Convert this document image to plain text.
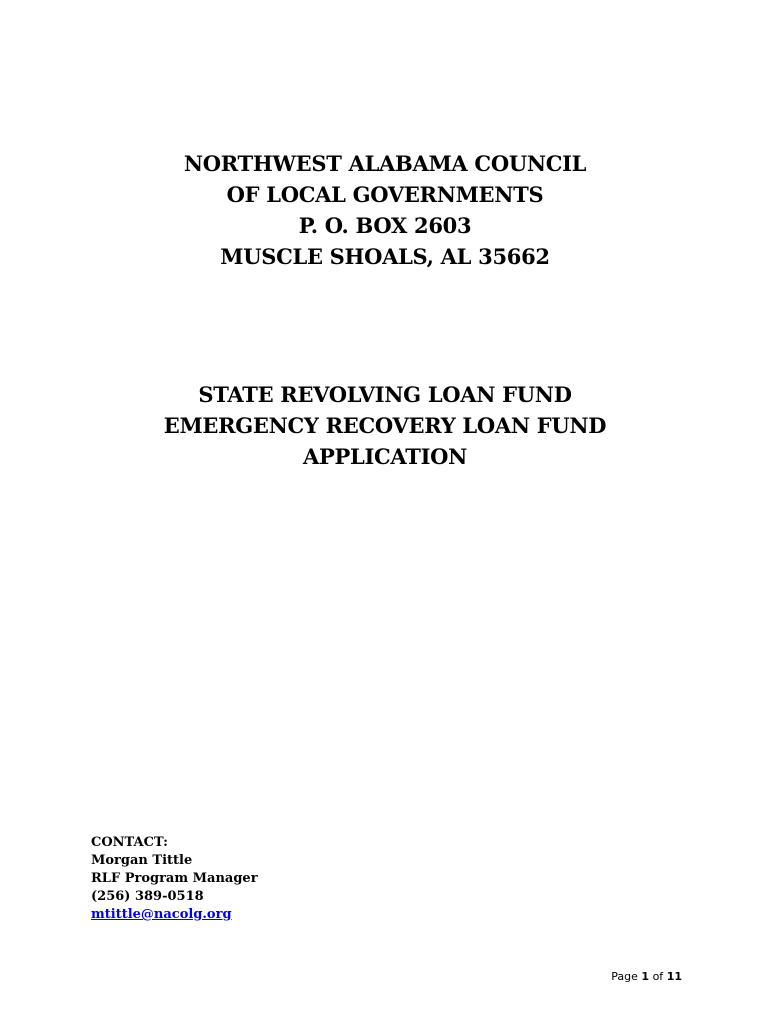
NORTHWEST ALABAMA COUNCIL
OF LOCAL GOVERNMENTS
P. O. BOX 2603
MUSCLE SHOALS, AL 35662
STATE REVOLVING LOAN FUND
EMERGENCY RECOVERY LOAN FUND
APPLICATION
CONTACT:
Morgan Tittle
RLF Program Manager
(256) 389-0518
mtittle@nacolg.org
Page 1 of 11
